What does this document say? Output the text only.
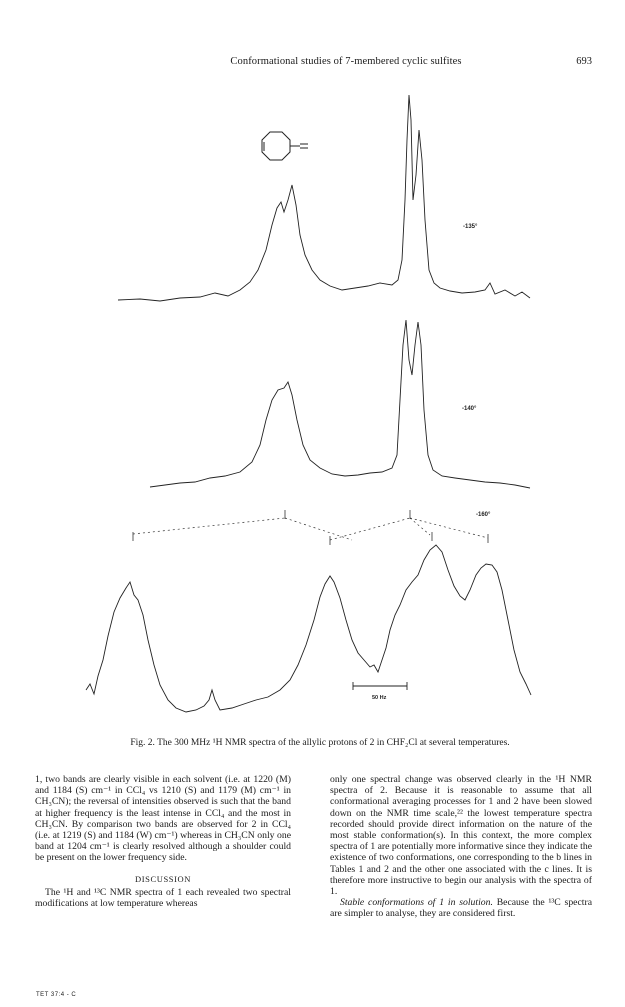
Conformational studies of 7-membered cyclic sulfites	693
-135°
-140°
-160°
50 Hz
Fig. 2. The 300 MHz ¹H NMR spectra of the allylic protons of 2 in CHF₂Cl at several temperatures.

1, two bands are clearly visible in each solvent (i.e. at 1220 (M) and 1184 (S) cm⁻¹ in CCl₄ vs 1210 (S) and 1179 (M) cm⁻¹ in CH₃CN); the reversal of intensities observed is such that the band at higher frequency is the least intense in CCl₄ and the most in CH₃CN. By comparison two bands are observed for 2 in CCl₄ (i.e. at 1219 (S) and 1184 (W) cm⁻¹) whereas in CH₃CN only one band at 1204 cm⁻¹ is clearly resolved although a shoulder could be present on the lower frequency side.

DISCUSSION

The ¹H and ¹³C NMR spectra of 1 each revealed two spectral modifications at low temperature whereas

only one spectral change was observed clearly in the ¹H NMR spectra of 2. Because it is reasonable to assume that all conformational averaging processes for 1 and 2 have been slowed down on the NMR time scale,²² the lowest temperature spectra recorded should provide direct information on the nature of the most stable conformation(s). In this context, the more complex spectra of 1 are potentially more informative since they indicate the existence of two conformations, one corresponding to the b lines in Tables 1 and 2 and the other one associated with the c lines. It is therefore more instructive to begin our analysis with the spectra of 1.

Stable conformations of 1 in solution. Because the ¹³C spectra are simpler to analyse, they are considered first.

TET 37:4 - C
